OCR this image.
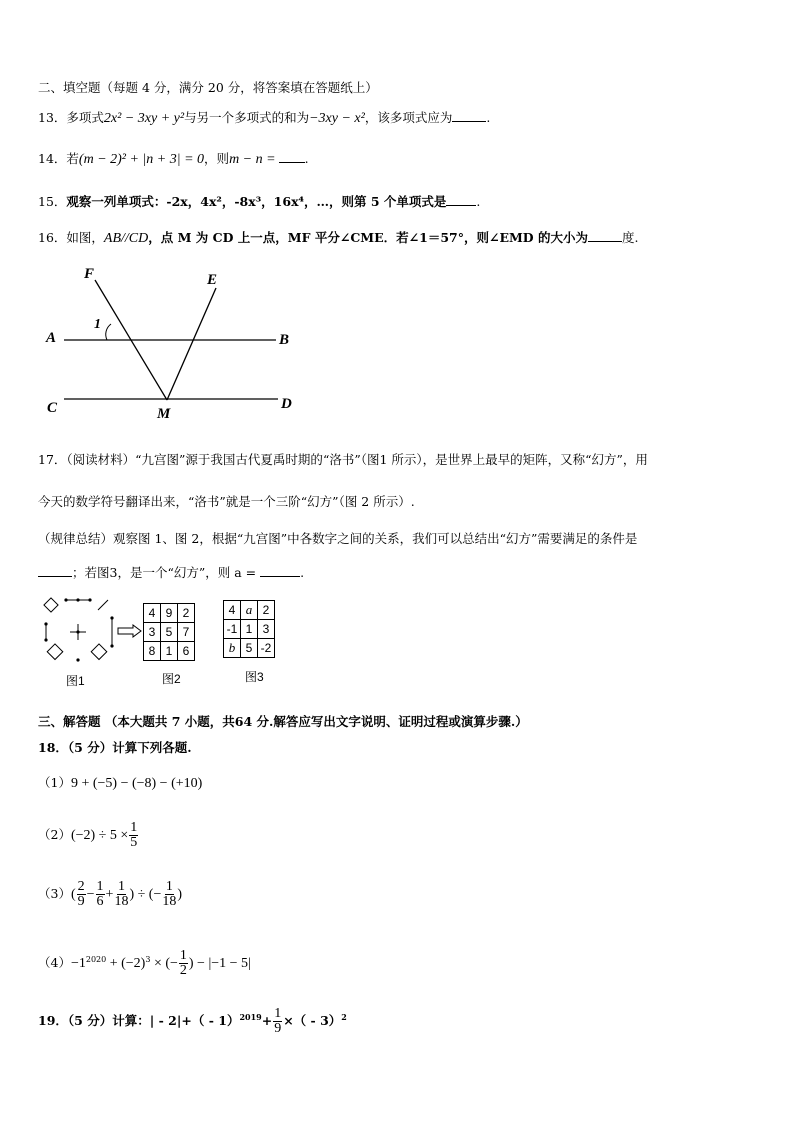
二、填空题（每题 4 分，满分 20 分，将答案填在答题纸上）
13．多项式2x² − 3xy + y²与另一个多项式的和为−3xy − x²，该多项式应为	.
14．若(m − 2)² + |n + 3| = 0，则m − n = .
15．观察一列单项式：-2x，4x²，-8x³，16x⁴，…，则第 5 个单项式是 .
16．如图，AB//CD，点 M 为 CD 上一点，MF 平分∠CME．若∠1＝57°，则∠EMD 的大小为	度.
F	E
A	B
C	D
M
1
17．（阅读材料）“九宫图”源于我国古代夏禹时期的“洛书”（图1 所示），是世界上最早的矩阵，又称“幻方”，用
今天的数学符号翻译出来，“洛书”就是一个三阶“幻方”（图 2 所示）.
（规律总结）观察图 1、图 2，根据“九宫图”中各数字之间的关系，我们可以总结出“幻方”需要满足的条件是
；若图3，是一个“幻方”，则 a =	.
图1
4	9	2
3	5	7
8	1	6
图2
4	a	2
-1	1	3
b	5	-2
图3
三、解答题 （本大题共 7 小题，共64 分.解答应写出文字说明、证明过程或演算步骤.）
18．（5 分）计算下列各题.
（1）9 + (−5) − (−8) − (+10)
$(2)(-2) \div 5 \times \frac{1}{5}$
$(3)( \frac{2}{9} - \frac{1}{6} + \frac{1}{18}$ ) ÷ (− $\frac{1}{18}$ )
$(4)-1^{2020} + (-2)^3$ × (− $\frac{1}{2}$ ) − |−1 − 5|
19．（5 分）计算：| - $2|+( - 1)^{2019}+ \frac{1}{9}$ ×（ - 3）$^2$
